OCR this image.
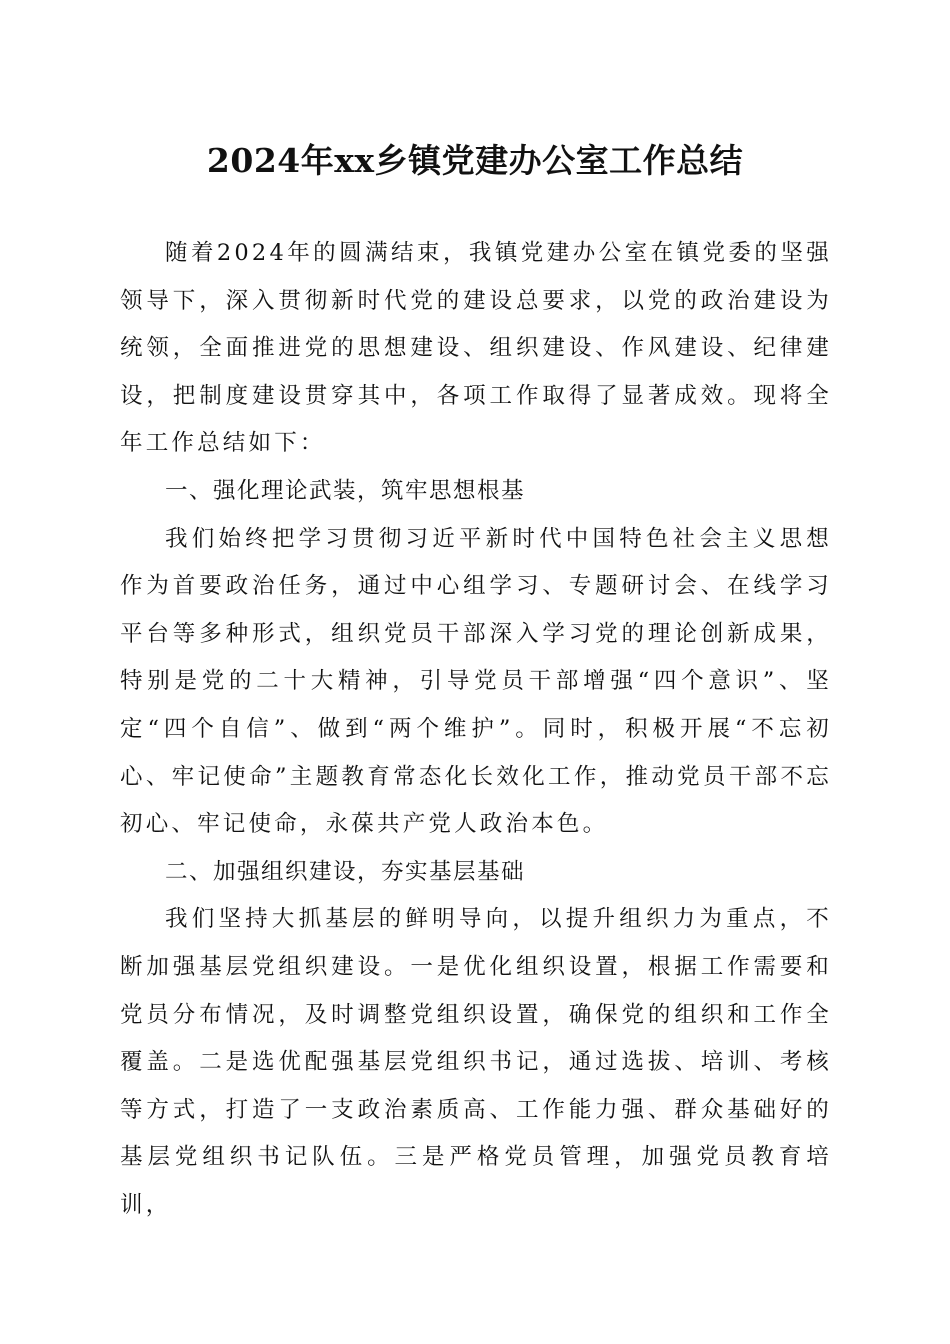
2024年xx乡镇党建办公室工作总结

随着2024年的圆满结束，我镇党建办公室在镇党委的坚强领导下，深入贯彻新时代党的建设总要求，以党的政治建设为统领，全面推进党的思想建设、组织建设、作风建设、纪律建设，把制度建设贯穿其中，各项工作取得了显著成效。现将全年工作总结如下：

一、强化理论武装，筑牢思想根基

我们始终把学习贯彻习近平新时代中国特色社会主义思想作为首要政治任务，通过中心组学习、专题研讨会、在线学习平台等多种形式，组织党员干部深入学习党的理论创新成果，特别是党的二十大精神，引导党员干部增强“四个意识”、坚定“四个自信”、做到“两个维护”。同时，积极开展“不忘初心、牢记使命”主题教育常态化长效化工作，推动党员干部不忘初心、牢记使命，永葆共产党人政治本色。

二、加强组织建设，夯实基层基础

我们坚持大抓基层的鲜明导向，以提升组织力为重点，不断加强基层党组织建设。一是优化组织设置，根据工作需要和党员分布情况，及时调整党组织设置，确保党的组织和工作全覆盖。二是选优配强基层党组织书记，通过选拔、培训、考核等方式，打造了一支政治素质高、工作能力强、群众基础好的基层党组织书记队伍。三是严格党员管理，加强党员教育培训，
